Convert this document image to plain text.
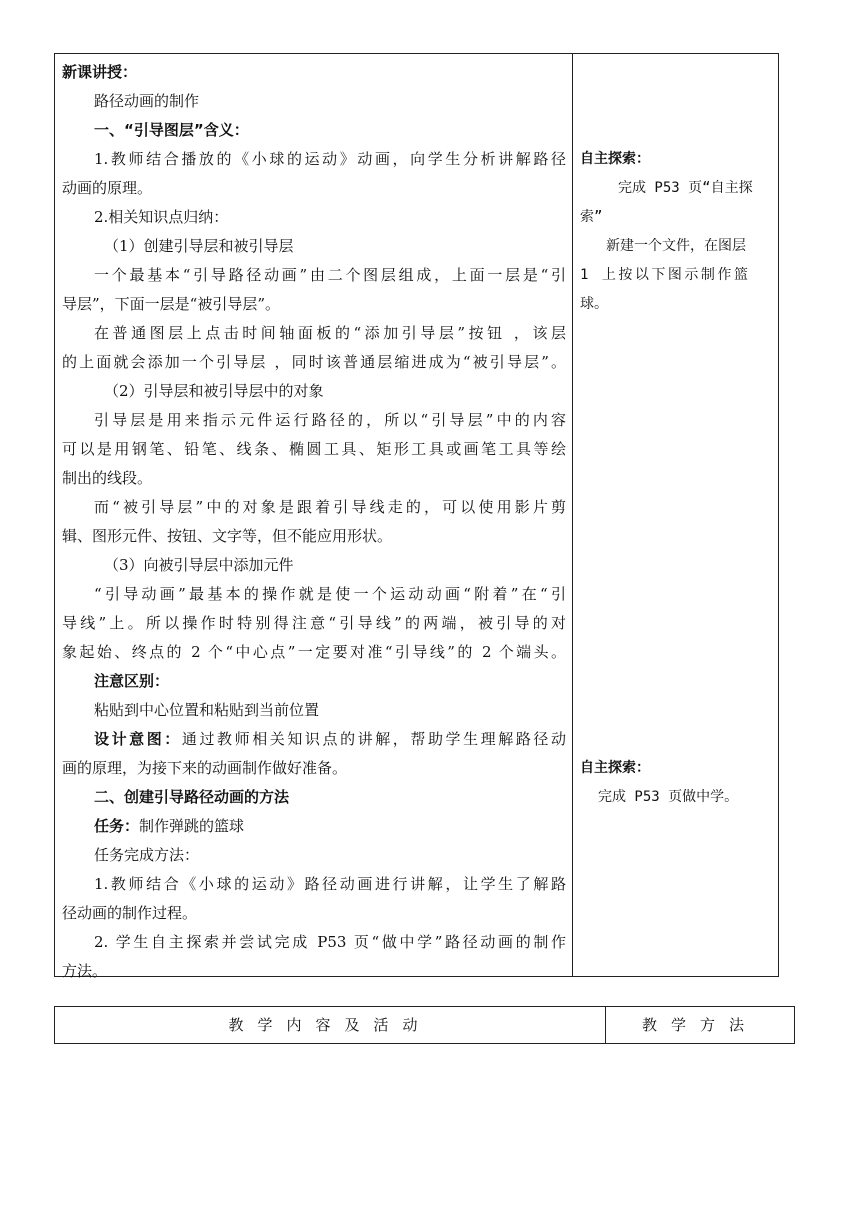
新课讲授：
路径动画的制作
一、“引导图层”含义：
1.教师结合播放的《小球的运动》动画，向学生分析讲解路径
动画的原理。
2.相关知识点归纳：
（1）创建引导层和被引导层
一个最基本“引导路径动画”由二个图层组成，上面一层是“引
导层”，下面一层是“被引导层”。
在普通图层上点击时间轴面板的“添加引导层”按钮 ，该层
的上面就会添加一个引导层 ，同时该普通层缩进成为“被引导层”。
（2）引导层和被引导层中的对象
引导层是用来指示元件运行路径的，所以“引导层”中的内容
可以是用钢笔、铅笔、线条、椭圆工具、矩形工具或画笔工具等绘
制出的线段。
而“被引导层”中的对象是跟着引导线走的，可以使用影片剪
辑、图形元件、按钮、文字等，但不能应用形状。
（3）向被引导层中添加元件
“引导动画”最基本的操作就是使一个运动动画“附着”在“引
导线”上。所以操作时特别得注意“引导线”的两端，被引导的对
象起始、终点的 2 个“中心点”一定要对准“引导线”的 2 个端头。
注意区别：
粘贴到中心位置和粘贴到当前位置
设计意图：通过教师相关知识点的讲解，帮助学生理解路径动
画的原理，为接下来的动画制作做好准备。
二、创建引导路径动画的方法
任务：制作弹跳的篮球
任务完成方法：
1.教师结合《小球的运动》路径动画进行讲解，让学生了解路
径动画的制作过程。
2. 学生自主探索并尝试完成 P53 页“做中学”路径动画的制作
方法。
自主探索：
完成 P53 页“自主探
索”
新建一个文件，在图层
1 上按以下图示制作篮
球。
自主探索：
完成 P53 页做中学。
教学内容及活动	教学方法
